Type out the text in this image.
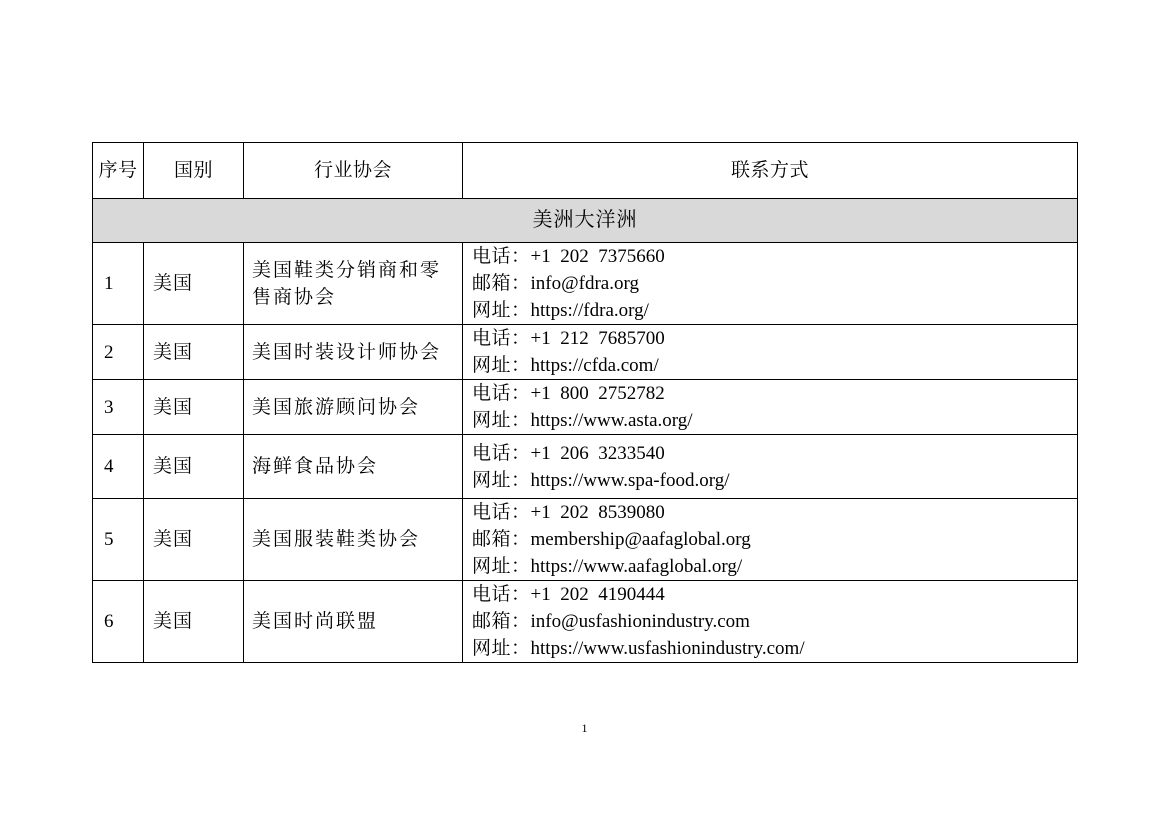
序号	国别	行业协会	联系方式
美洲大洋洲			
1	美国	美国鞋类分销商和零售商协会	电话：+1  202  7375660
邮箱：info@fdra.org
网址：https://fdra.org/

2	美国	美国时装设计师协会	电话：+1  212  7685700
网址：https://cfda.com/

3	美国	美国旅游顾问协会	电话：+1  800  2752782
网址：https://www.asta.org/

4	美国	海鲜食品协会	电话：+1  206  3233540
网址：https://www.spa-food.org/

5	美国	美国服装鞋类协会	电话：+1  202  8539080
邮箱：membership@aafaglobal.org
网址：https://www.aafaglobal.org/

6	美国	美国时尚联盟	电话：+1  202  4190444
邮箱：info@usfashionindustry.com
网址：https://www.usfashionindustry.com/
1
